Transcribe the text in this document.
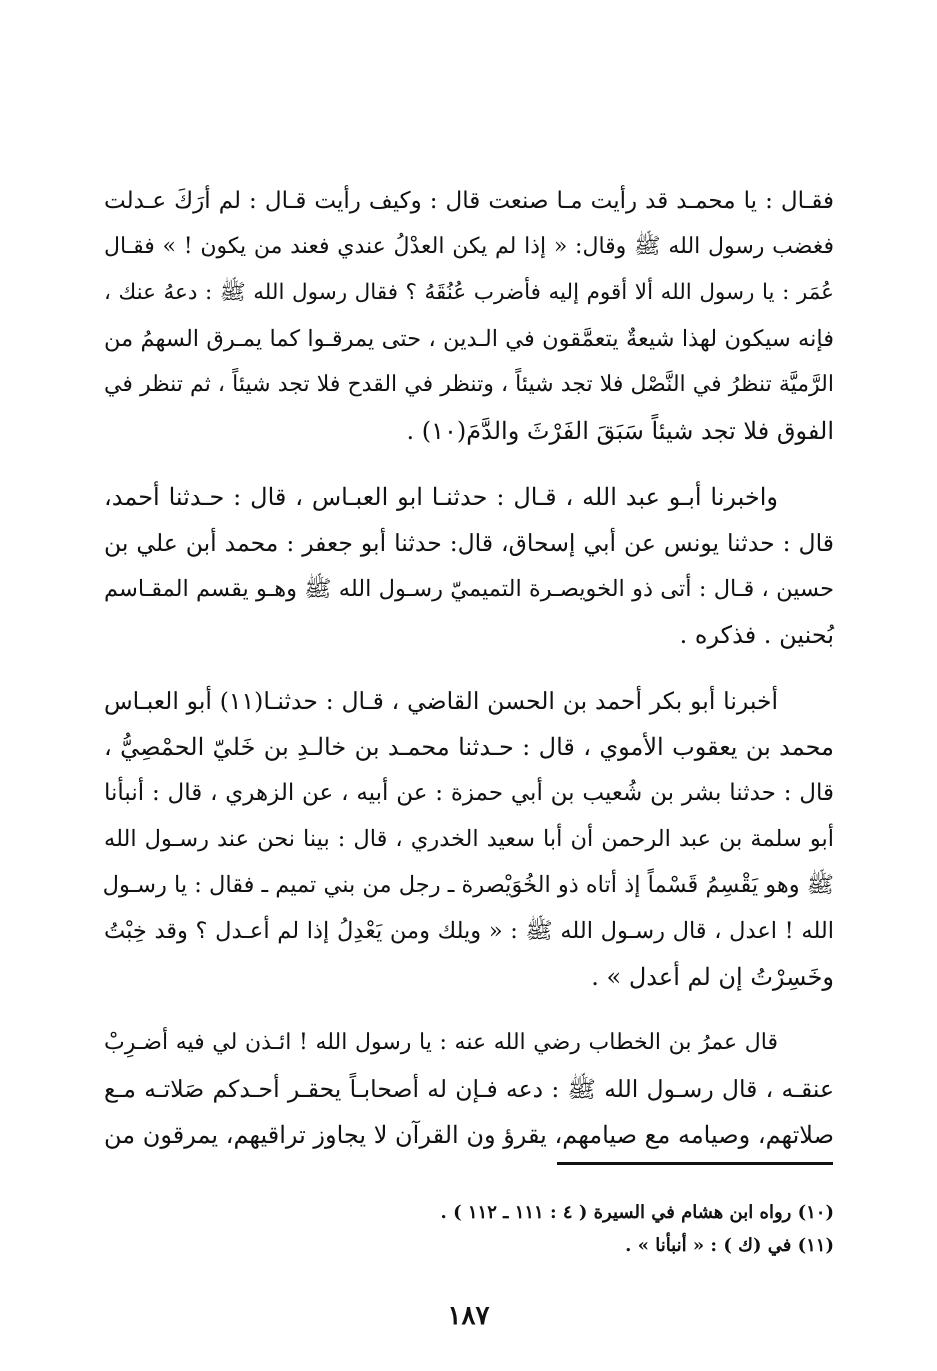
فقـال : يا محمـد قد رأيت مـا صنعت قال : وكيف رأيت قـال : لم أرَكَ عـدلت
فغضب رسول الله ﷺ وقال: « إذا لم يكن العدْلُ عندي فعند من يكون ! » فقـال
عُمَر : يا رسول الله ألا أقوم إليه فأضرب عُنُقَهُ ؟ فقال رسول الله ﷺ : دعهُ عنك ،
فإنه سيكون لهذا شيعةٌ يتعمَّقون في الـدين ، حتى يمرقـوا كما يمـرق السهمُ من
الرَّميَّة تنظرُ في النَّصْل فلا تجد شيئاً ، وتنظر في القدح فلا تجد شيئاً ، ثم تنظر في
الفوق فلا تجد شيئاً سَبَقَ الفَرْثَ والدَّمَ(١٠) .
واخبرنا أبـو عبد الله ، قـال : حدثنـا ابو العبـاس ، قال : حـدثنا أحمد،
قال : حدثنا يونس عن أبي إسحاق، قال: حدثنا أبو جعفر : محمد أبن علي بن
حسين ، قـال : أتى ذو الخويصـرة التميميّ رسـول الله ﷺ وهـو يقسم المقـاسم
بُحنين . فذكره .
أخبرنا أبو بكر أحمد بن الحسن القاضي ، قـال : حدثنـا(١١) أبو العبـاس
محمد بن يعقوب الأموي ، قال : حـدثنا محمـد بن خالـدِ بن خَليّ الحمْصِيُّ ،
قال : حدثنا بشر بن شُعيب بن أبي حمزة : عن أبيه ، عن الزهري ، قال : أنبأنا
أبو سلمة بن عبد الرحمن أن أبا سعيد الخدري ، قال : بينا نحن عند رسـول الله
ﷺ وهو يَقْسِمُ قَسْماً إذ أتاه ذو الخُوَيْصرة ـ رجل من بني تميم ـ فقال : يا رسـول
الله ! اعدل ، قال رسـول الله ﷺ : « ويلك ومن يَعْدِلُ إذا لم أعـدل ؟ وقد خِبْتُ
وخَسِرْتُ إن لم أعدل » .
قال عمرُ بن الخطاب رضي الله عنه : يا رسول الله ! ائـذن لي فيه أضـرِبْ
عنقـه ، قال رسـول الله ﷺ : دعه فـإن له أصحابـاً يحقـر أحـدكم صَلاتـه مـع
صلاتهم، وصيامه مع صيامهم، يقرؤ ون القرآن لا يجاوز تراقيهم، يمرقون من
(١٠) رواه ابن هشام في السيرة ( ٤ : ١١١ ـ ١١٢ ) .
(١١) في (ك ) : « أنبأنا » .
١٨٧
